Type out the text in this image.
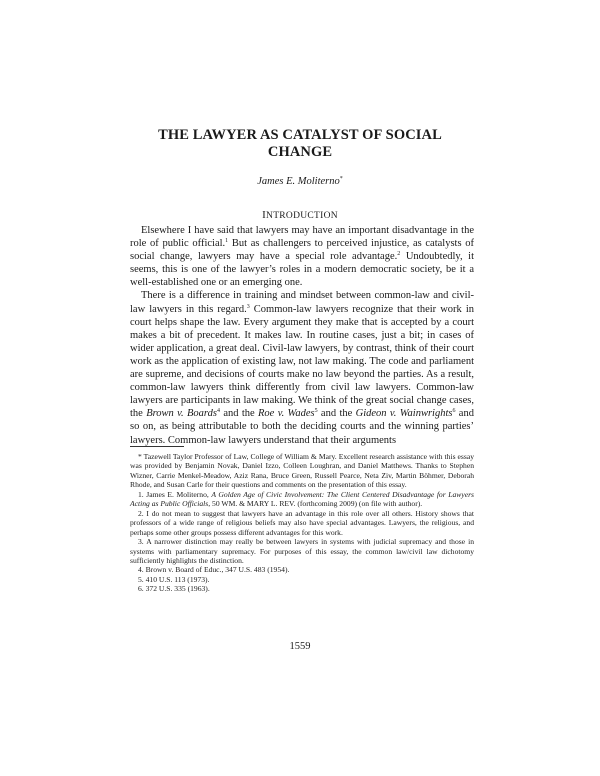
THE LAWYER AS CATALYST OF SOCIAL
CHANGE
James E. Moliterno*
INTRODUCTION

Elsewhere I have said that lawyers may have an important disadvantage in the role of public official.$^1$ But as challengers to perceived injustice, as catalysts of social change, lawyers may have a special role advantage.$^2$ Undoubtedly, it seems, this is one of the lawyer’s roles in a modern democratic society, be it a well-established one or an emerging one.

There is a difference in training and mindset between common-law and civil-law lawyers in this regard.$^3$ Common-law lawyers recognize that their work in court helps shape the law. Every argument they make that is accepted by a court makes a bit of precedent. It makes law. In routine cases, just a bit; in cases of wider application, a great deal. Civil-law lawyers, by contrast, think of their court work as the application of existing law, not law making. The code and parliament are supreme, and decisions of courts make no law beyond the parties. As a result, common-law lawyers think differently from civil law lawyers. Common-law lawyers are participants in law making. We think of the great social change cases, the Brown v. Boards$^4$ and the Roe v. Wades$^5$ and the Gideon v. Wainwrights$^6$ and so on, as being attributable to both the deciding courts and the winning parties’ lawyers. Common-law lawyers understand that their arguments

* Tazewell Taylor Professor of Law, College of William & Mary. Excellent research assistance with this essay was provided by Benjamin Novak, Daniel Izzo, Colleen Loughran, and Daniel Matthews. Thanks to Stephen Wizner, Carrie Menkel-Meadow, Aziz Rana, Bruce Green, Russell Pearce, Neta Ziv, Martin Böhmer, Deborah Rhode, and Susan Carle for their questions and comments on the presentation of this essay.

1. James E. Moliterno, A Golden Age of Civic Involvement: The Client Centered Disadvantage for Lawyers Acting as Public Officials, 50 WM. & MARY L. REV. (forthcoming 2009) (on file with author).

2. I do not mean to suggest that lawyers have an advantage in this role over all others. History shows that professors of a wide range of religious beliefs may also have special advantages. Lawyers, the religious, and perhaps some other groups possess different advantages for this work.

3. A narrower distinction may really be between lawyers in systems with judicial supremacy and those in systems with parliamentary supremacy. For purposes of this essay, the common law/civil law dichotomy sufficiently highlights the distinction.

4. Brown v. Board of Educ., 347 U.S. 483 (1954).

5. 410 U.S. 113 (1973).

6. 372 U.S. 335 (1963).

1559
